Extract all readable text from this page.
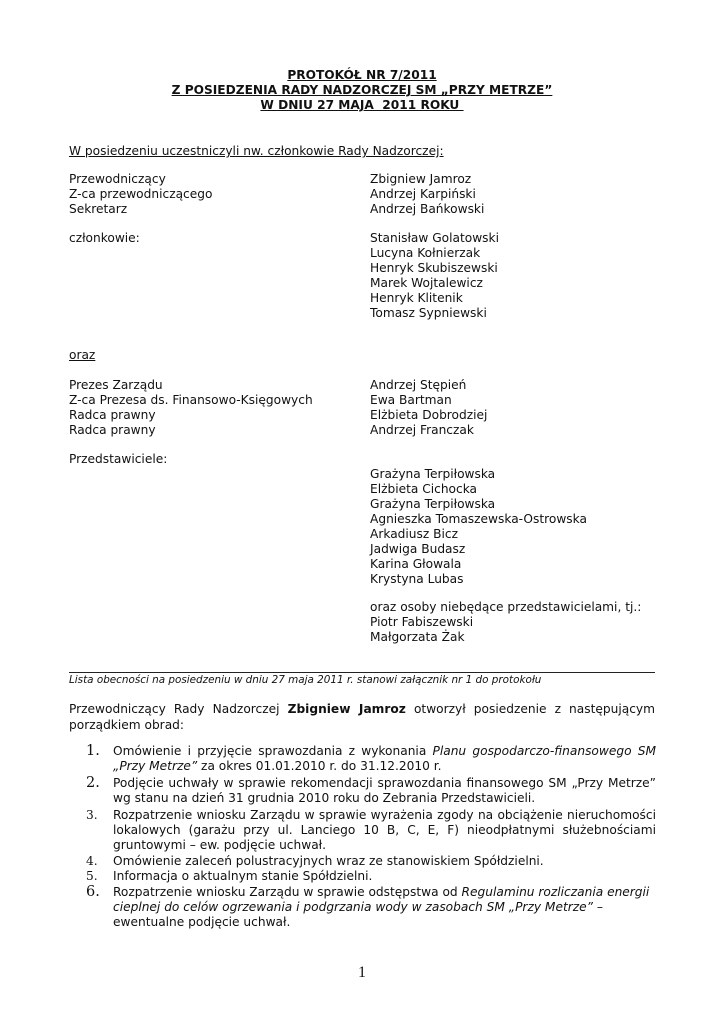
PROTOKÓŁ NR 7/2011
Z POSIEDZENIA RADY NADZORCZEJ SM „PRZY METRZE”
W DNIU 27 MAJA  2011 ROKU
W posiedzeniu uczestniczyli nw. członkowie Rady Nadzorczej:
Przewodniczący	Zbigniew Jamroz
Z-ca przewodniczącego	Andrzej Karpiński
Sekretarz	Andrzej Bańkowski
członkowie:	Stanisław Golatowski
Lucyna Kołnierzak
Henryk Skubiszewski
Marek Wojtalewicz
Henryk Klitenik
Tomasz Sypniewski
oraz
Prezes Zarządu	Andrzej Stępień
Z-ca Prezesa ds. Finansowo-Księgowych	Ewa Bartman
Radca prawny	Elżbieta Dobrodziej
Radca prawny	Andrzej Franczak
Przedstawiciele:
Grażyna Terpiłowska
Elżbieta Cichocka
Grażyna Terpiłowska
Agnieszka Tomaszewska-Ostrowska
Arkadiusz Bicz
Jadwiga Budasz
Karina Głowala
Krystyna Lubas
oraz osoby niebędące przedstawicielami, tj.:
Piotr Fabiszewski
Małgorzata Żak
Lista obecności na posiedzeniu w dniu 27 maja 2011 r. stanowi załącznik nr 1 do protokołu
Przewodniczący Rady Nadzorczej Zbigniew Jamroz otworzył posiedzenie z następującym porządkiem obrad:
1. Omówienie i przyjęcie sprawozdania z wykonania Planu gospodarczo-finansowego SM „Przy Metrze” za okres 01.01.2010 r. do 31.12.2010 r.
2. Podjęcie uchwały w sprawie rekomendacji sprawozdania finansowego SM „Przy Metrze” wg stanu na dzień 31 grudnia 2010 roku do Zebrania Przedstawicieli.
3. Rozpatrzenie wniosku Zarządu w sprawie wyrażenia zgody na obciążenie nieruchomości lokalowych (garażu przy ul. Lanciego 10 B, C, E, F) nieodpłatnymi służebnościami gruntowymi – ew. podjęcie uchwał.
4. Omówienie zaleceń polustracyjnych wraz ze stanowiskiem Spółdzielni.
5. Informacja o aktualnym stanie Spółdzielni.
6. Rozpatrzenie wniosku Zarządu w sprawie odstępstwa od Regulaminu rozliczania energii cieplnej do celów ogrzewania i podgrzania wody w zasobach SM „Przy Metrze” – ewentualne podjęcie uchwał.
1
